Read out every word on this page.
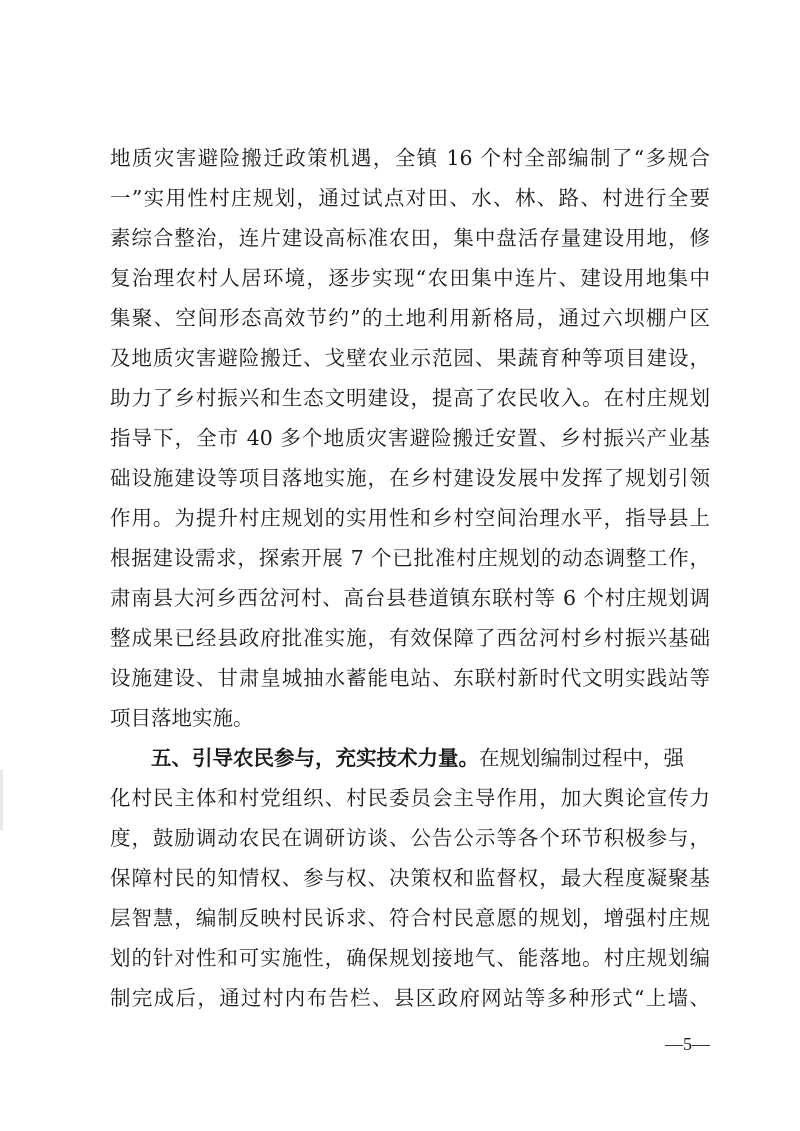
地质灾害避险搬迁政策机遇，全镇 16 个村全部编制了“多规合
一”实用性村庄规划，通过试点对田、水、林、路、村进行全要
素综合整治，连片建设高标准农田，集中盘活存量建设用地，修
复治理农村人居环境，逐步实现“农田集中连片、建设用地集中
集聚、空间形态高效节约”的土地利用新格局，通过六坝棚户区
及地质灾害避险搬迁、戈壁农业示范园、果蔬育种等项目建设，
助力了乡村振兴和生态文明建设，提高了农民收入。在村庄规划
指导下，全市 40 多个地质灾害避险搬迁安置、乡村振兴产业基
础设施建设等项目落地实施，在乡村建设发展中发挥了规划引领
作用。为提升村庄规划的实用性和乡村空间治理水平，指导县上
根据建设需求，探索开展 7 个已批准村庄规划的动态调整工作，
肃南县大河乡西岔河村、高台县巷道镇东联村等 6 个村庄规划调
整成果已经县政府批准实施，有效保障了西岔河村乡村振兴基础
设施建设、甘肃皇城抽水蓄能电站、东联村新时代文明实践站等
项目落地实施。
五、引导农民参与，充实技术力量。在规划编制过程中，强
化村民主体和村党组织、村民委员会主导作用，加大舆论宣传力
度，鼓励调动农民在调研访谈、公告公示等各个环节积极参与，
保障村民的知情权、参与权、决策权和监督权，最大程度凝聚基
层智慧，编制反映村民诉求、符合村民意愿的规划，增强村庄规
划的针对性和可实施性，确保规划接地气、能落地。村庄规划编
制完成后，通过村内布告栏、县区政府网站等多种形式“上墙、
—5—
